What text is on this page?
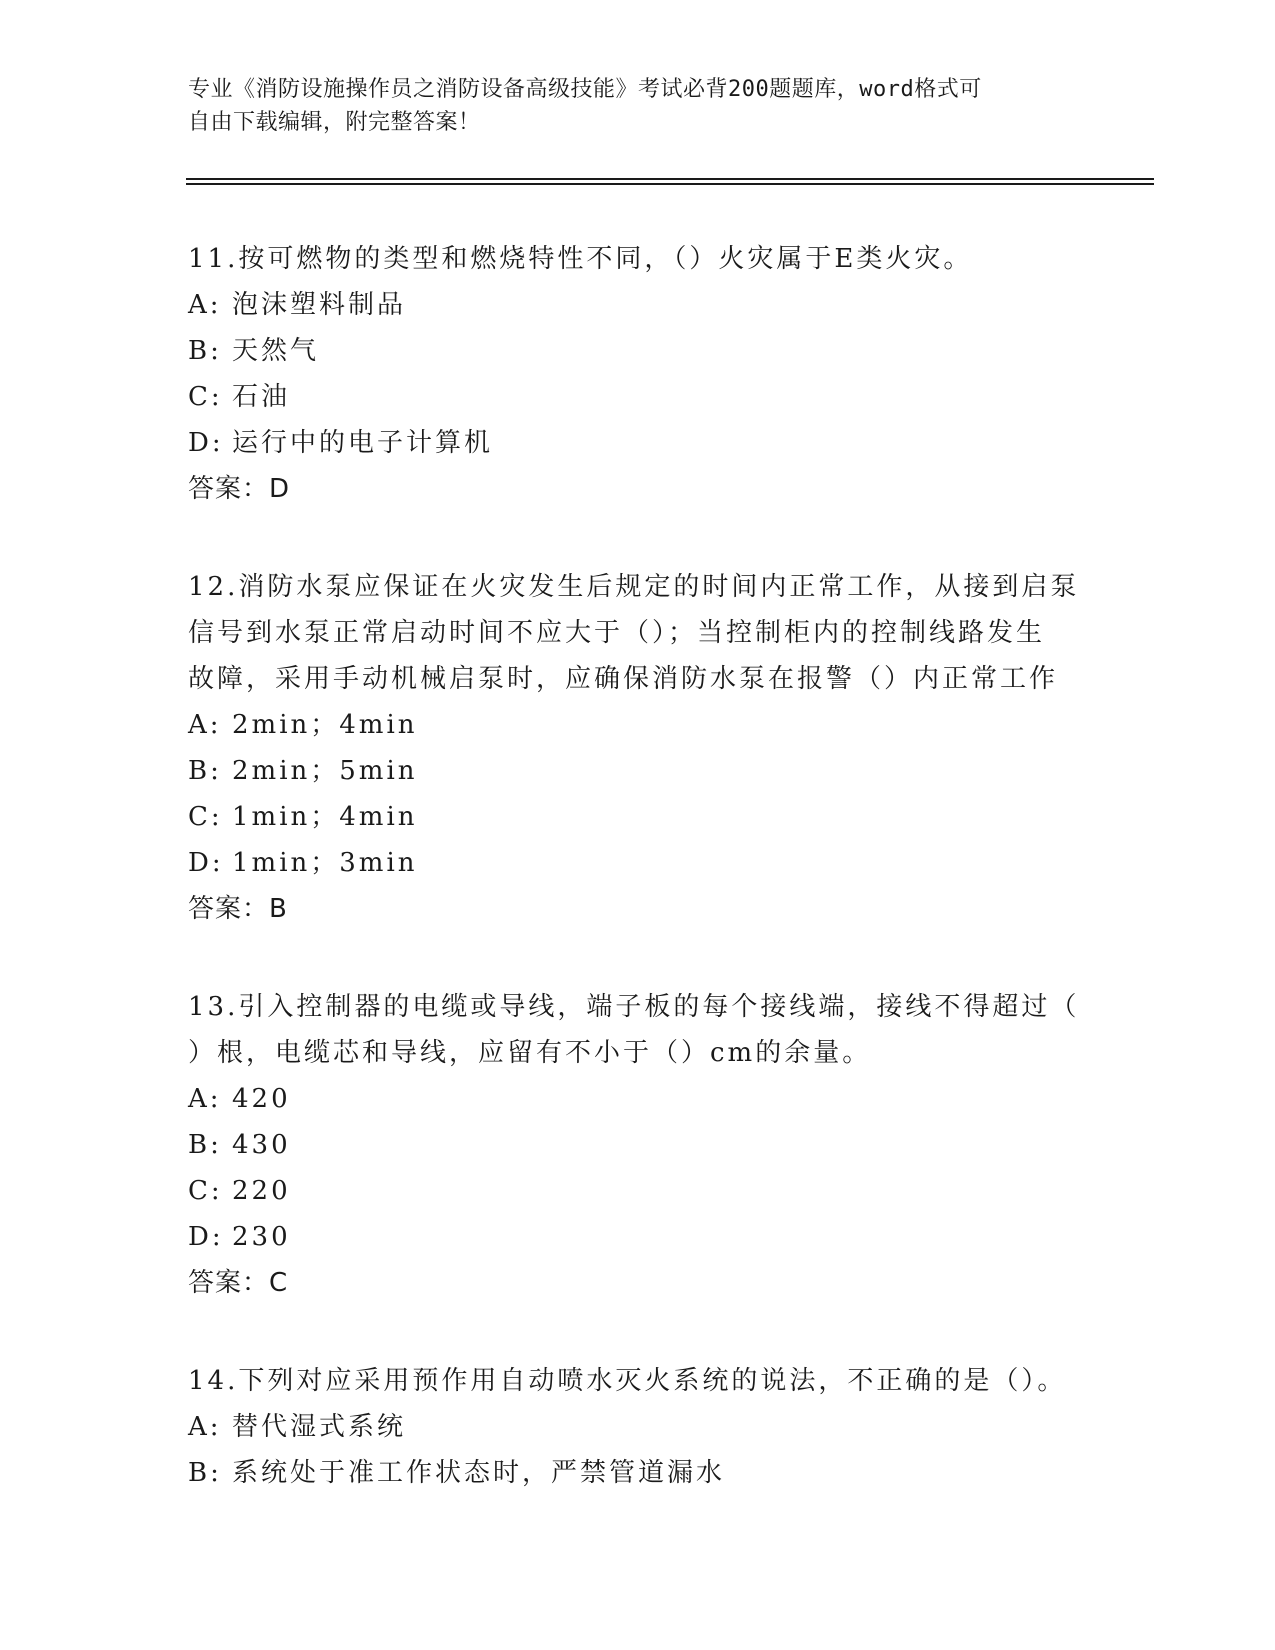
专业《消防设施操作员之消防设备高级技能》考试必背200题题库，word格式可
自由下载编辑，附完整答案！
11.按可燃物的类型和燃烧特性不同，（）火灾属于E类火灾。
A: 泡沫塑料制品
B: 天然气
C: 石油
D: 运行中的电子计算机
答案：D
12.消防水泵应保证在火灾发生后规定的时间内正常工作，从接到启泵
信号到水泵正常启动时间不应大于（）；当控制柜内的控制线路发生
故障，采用手动机械启泵时，应确保消防水泵在报警（）内正常工作
A: 2min；4min
B: 2min；5min
C: 1min；4min
D: 1min；3min
答案：B
13.引入控制器的电缆或导线，端子板的每个接线端，接线不得超过（
）根，电缆芯和导线，应留有不小于（）cm的余量。
A: 420
B: 430
C: 220
D: 230
答案：C
14.下列对应采用预作用自动喷水灭火系统的说法，不正确的是（）。
A: 替代湿式系统
B: 系统处于准工作状态时，严禁管道漏水
